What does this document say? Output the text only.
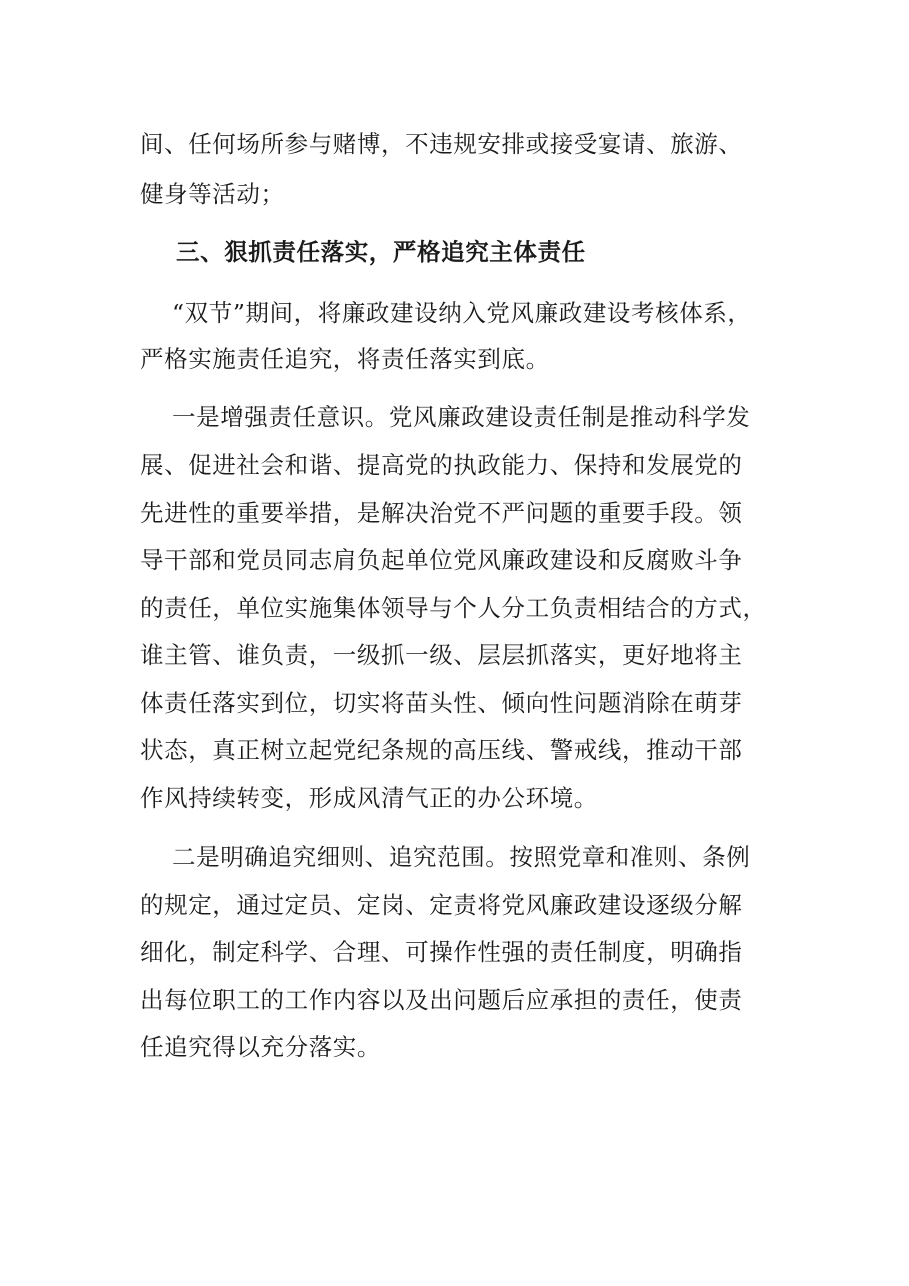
间、任何场所参与赌博，不违规安排或接受宴请、旅游、
健身等活动；
三、狠抓责任落实，严格追究主体责任
“双节”期间，将廉政建设纳入党风廉政建设考核体系，
严格实施责任追究，将责任落实到底。
一是增强责任意识。党风廉政建设责任制是推动科学发
展、促进社会和谐、提高党的执政能力、保持和发展党的
先进性的重要举措，是解决治党不严问题的重要手段。领
导干部和党员同志肩负起单位党风廉政建设和反腐败斗争
的责任，单位实施集体领导与个人分工负责相结合的方式，
谁主管、谁负责，一级抓一级、层层抓落实，更好地将主
体责任落实到位，切实将苗头性、倾向性问题消除在萌芽
状态，真正树立起党纪条规的高压线、警戒线，推动干部
作风持续转变，形成风清气正的办公环境。
二是明确追究细则、追究范围。按照党章和准则、条例
的规定，通过定员、定岗、定责将党风廉政建设逐级分解
细化，制定科学、合理、可操作性强的责任制度，明确指
出每位职工的工作内容以及出问题后应承担的责任，使责
任追究得以充分落实。
